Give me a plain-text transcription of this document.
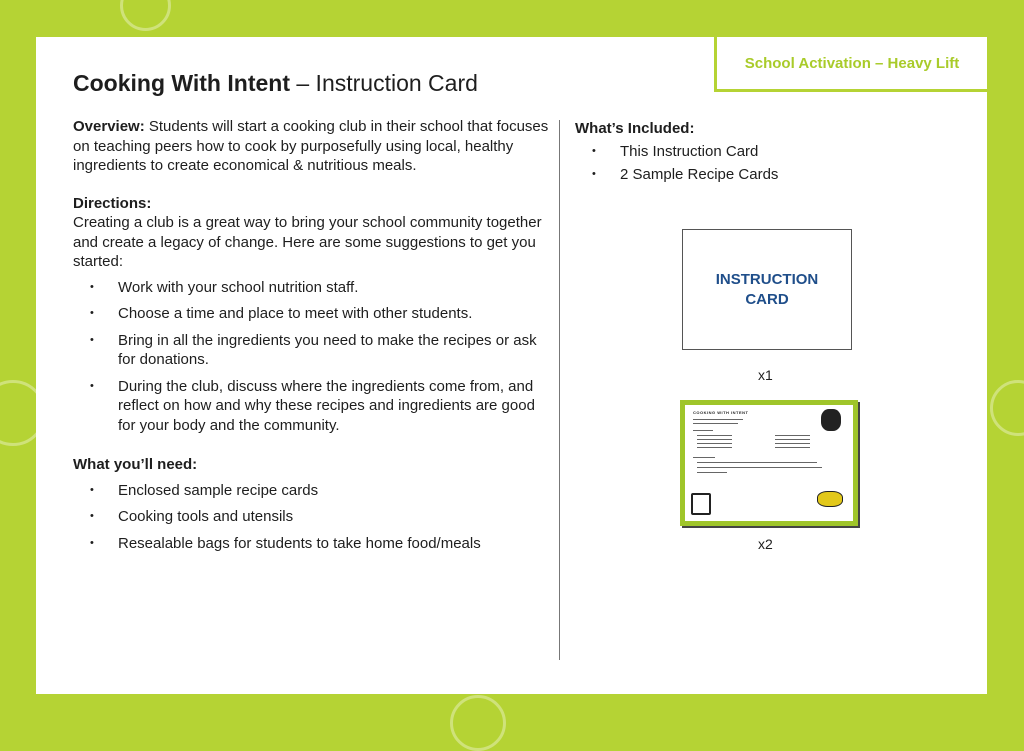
School Activation – Heavy Lift
Cooking With Intent – Instruction Card

Overview: Students will start a cooking club in their school that focuses on teaching peers how to cook by purposefully using local, healthy ingredients to create economical & nutritious meals.

Directions:

Creating a club is a great way to bring your school community together and create a legacy of change. Here are some suggestions to get you started:

• Work with your school nutrition staff.
• Choose a time and place to meet with other students.
• Bring in all the ingredients you need to make the recipes or ask for donations.
• During the club, discuss where the ingredients come from, and reflect on how and why these recipes and ingredients are good for your body and the community.

What you’ll need:

• Enclosed sample recipe cards
• Cooking tools and utensils
• Resealable bags for students to take home food/meals

What’s Included:

• This Instruction Card
• 2 Sample Recipe Cards
INSTRUCTION
CARD
x1
COOKING WITH INTENT
x2
